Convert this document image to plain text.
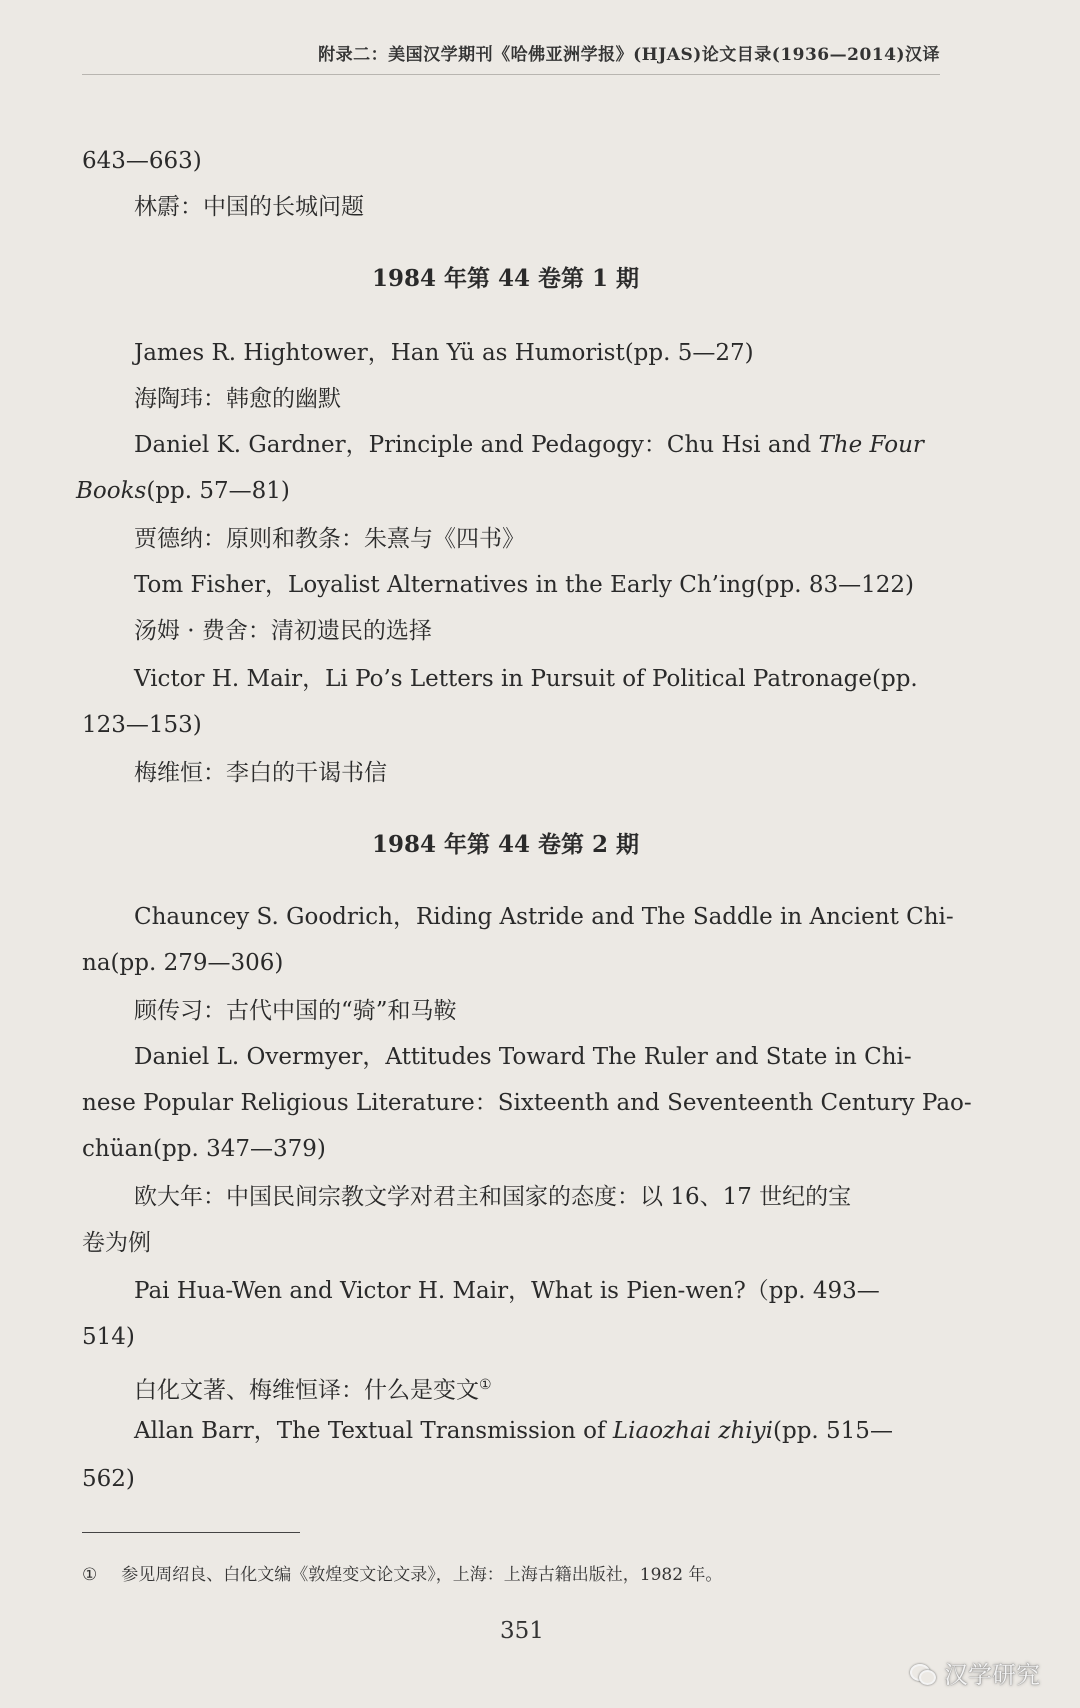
附录二：美国汉学期刊《哈佛亚洲学报》(HJAS)论文目录(1936—2014)汉译
643—663)
林霨：中国的长城问题
1984 年第 44 卷第 1 期
James R. Hightower，Han Yü as Humorist(pp. 5—27)
海陶玮：韩愈的幽默
Daniel K. Gardner，Principle and Pedagogy：Chu Hsi and The Four
Books(pp. 57—81)
贾德纳：原则和教条：朱熹与《四书》
Tom Fisher，Loyalist Alternatives in the Early Ch’ing(pp. 83—122)
汤姆 · 费舍：清初遗民的选择
Victor H. Mair，Li Po’s Letters in Pursuit of Political Patronage(pp.
123—153)
梅维恒：李白的干谒书信
1984 年第 44 卷第 2 期
Chauncey S. Goodrich，Riding Astride and The Saddle in Ancient Chi-
na(pp. 279—306)
顾传习：古代中国的“骑”和马鞍
Daniel L. Overmyer，Attitudes Toward The Ruler and State in Chi-
nese Popular Religious Literature：Sixteenth and Seventeenth Century Pao-
chüan(pp. 347—379)
欧大年：中国民间宗教文学对君主和国家的态度：以 16、17 世纪的宝
卷为例
Pai Hua-Wen and Victor H. Mair，What is Pien-wen?（pp. 493—
514)
白化文著、梅维恒译：什么是变文①
Allan Barr，The Textual Transmission of Liaozhai zhiyi(pp. 515—
562)
① 参见周绍良、白化文编《敦煌变文论文录》，上海：上海古籍出版社，1982 年。
351
汉学研究
